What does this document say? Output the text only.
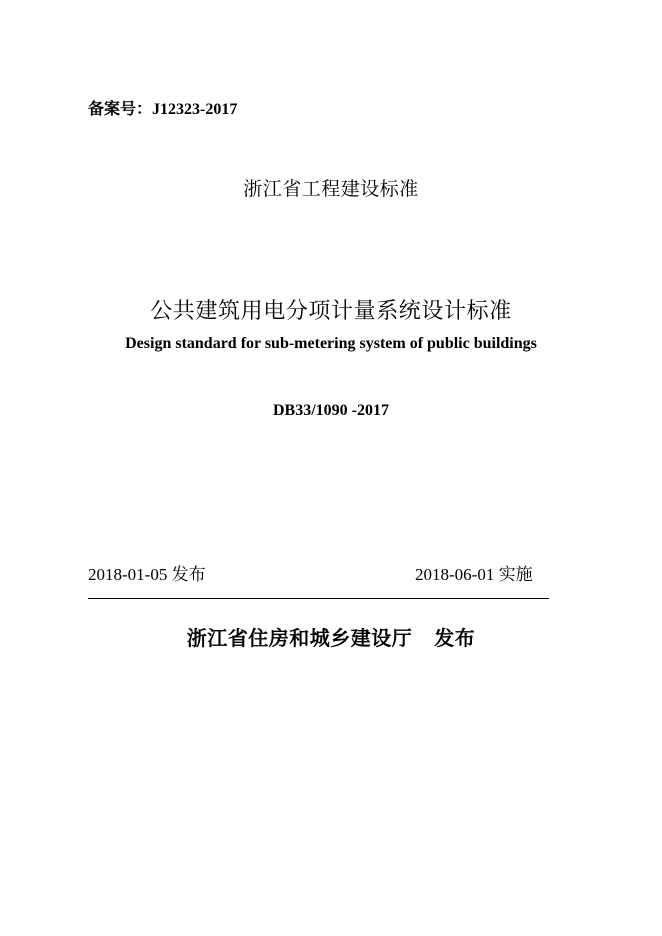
备案号：J12323-2017
浙江省工程建设标准
公共建筑用电分项计量系统设计标准
Design standard for sub-metering system of public buildings
DB33/1090 -2017
2018-01-05 发布	2018-06-01 实施
浙江省住房和城乡建设厅 发布
